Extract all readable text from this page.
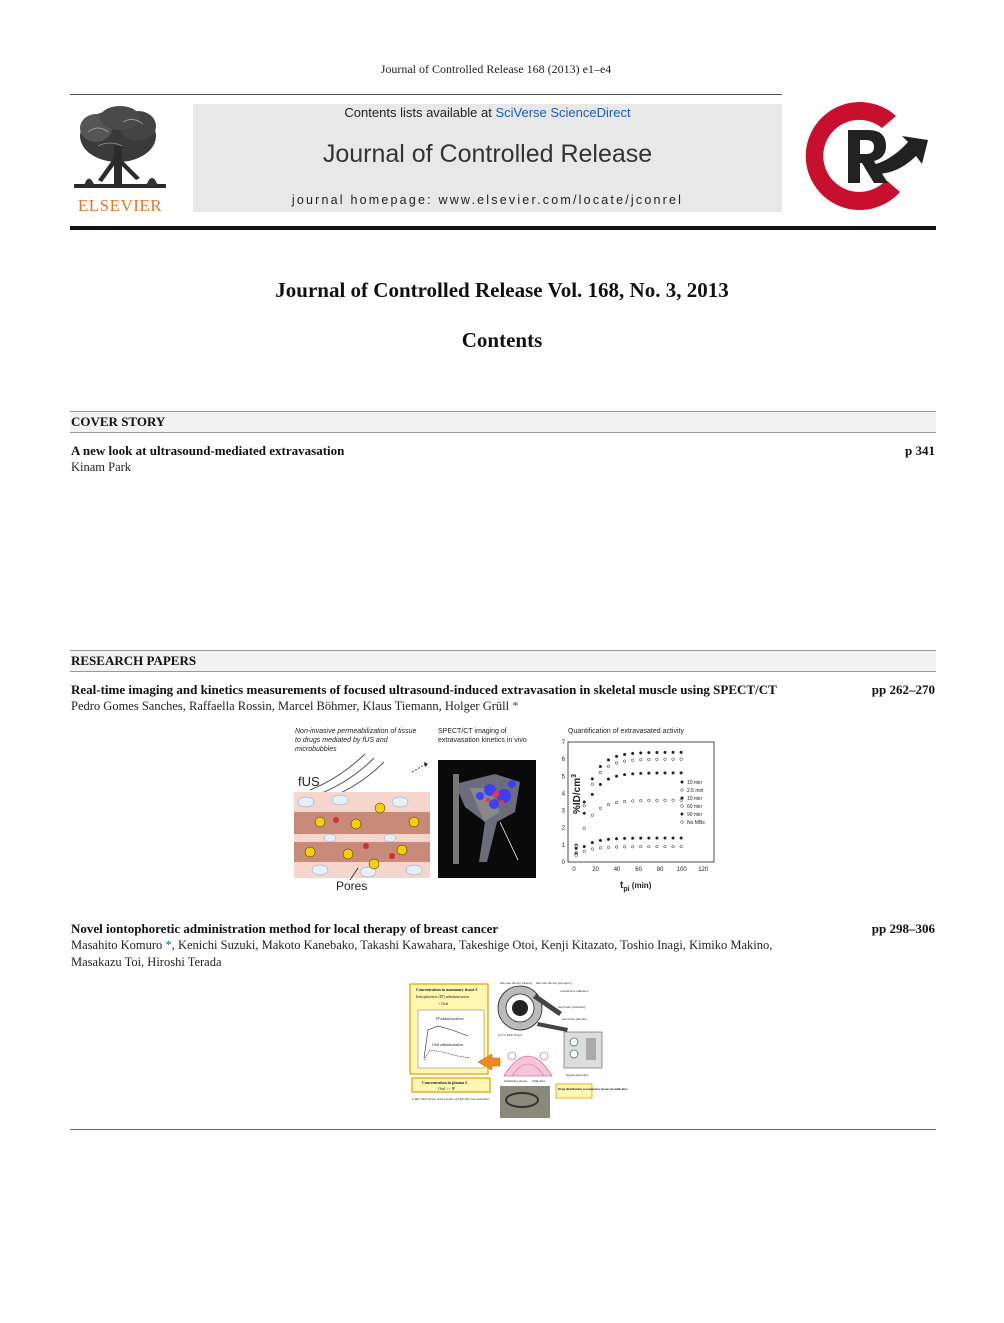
Journal of Controlled Release 168 (2013) e1–e4
ELSEVIER
Contents lists available at SciVerse ScienceDirect
Journal of Controlled Release
journal homepage: www.elsevier.com/locate/jconrel
Journal of Controlled Release Vol. 168, No. 3, 2013
Contents
COVER STORY
A new look at ultrasound-mediated extravasation	p 341
Kinam Park
RESEARCH PAPERS
Real-time imaging and kinetics measurements of focused ultrasound-induced extravasation in skeletal muscle using SPECT/CT	pp 262–270
Pedro Gomes Sanches, Raffaella Rossin, Marcel Böhmer, Klaus Tiemann, Holger Grüll *
Non-invasive permeabilization of tissue
to drugs mediated by fUS and
microbubbles
fUS
Pores
SPECT/CT imaging of
extravasation kinetics in vivo
Quantification of extravasated activity
0
1
2
3
4
5
6
7
0	20 40 60 80 100 120
$\%ID/cm^3$
$t_{pi}$ $^{(min)}$
10 min
2.5 min
10 min
60 min
90 min
No MBs
Novel iontophoretic administration method for local therapy of breast cancer	pp 298–306
Masahito Komuro *, Kenichi Suzuki, Makoto Kanebako, Takashi Kawahara, Takeshige Otoi, Kenji Kitazato, Toshio Inagi, Kimiko Makino,
Masakazu Toi, Hiroshi Terada
Concentration in mammary tissue #
Iontophoretic (IP) administration
> Oral
IP administration
Oral administration
Concentration in plasma #
Oral >> IP
# DP-TAT-59 (an active form of TAT-59) concentration
silicone device (donor) silicone device (receptor)
conductive adhesive
electrode (cathode)
electrode (anode)
0.5% TAT-59 gel
signal generator
mammary tissue milk duct
Drug distribution to mammary tissue via milk duct
